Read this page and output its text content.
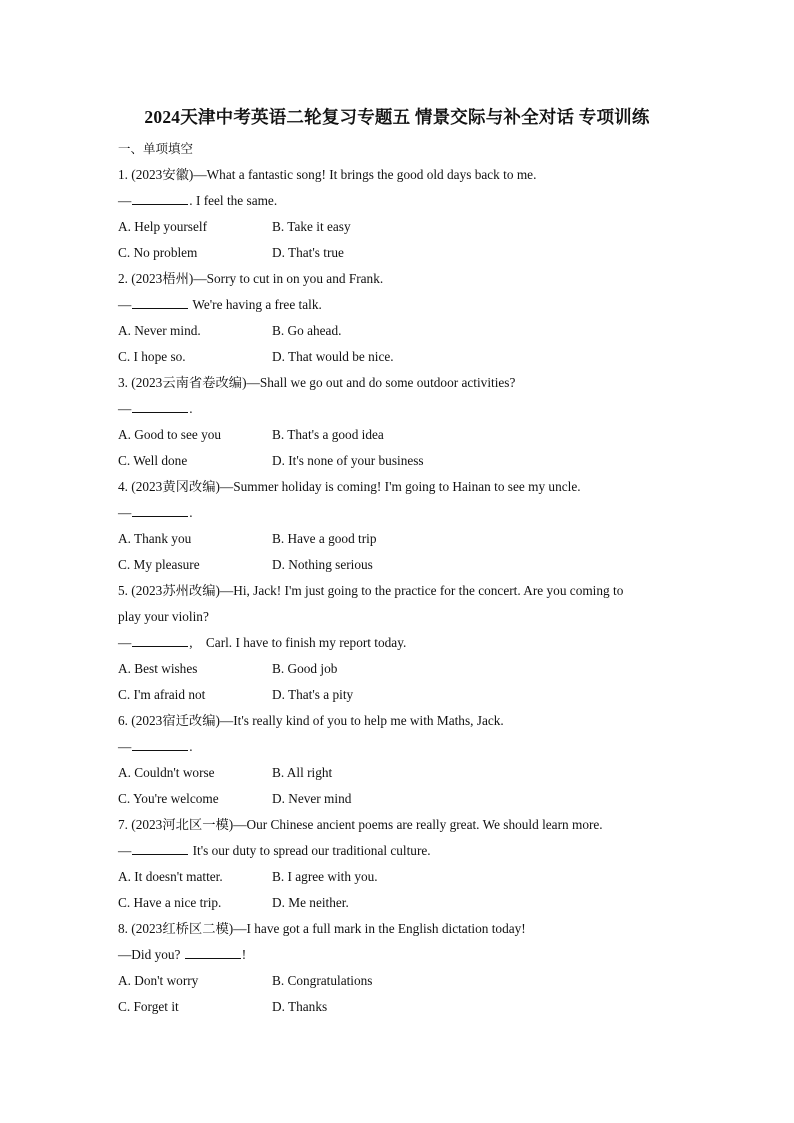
2024天津中考英语二轮复习专题五 情景交际与补全对话 专项训练
一、单项填空
1. (2023安徽)—What a fantastic song! It brings the good old days back to me.
—	. I feel the same.
A. Help yourself	B. Take it easy
C. No problem	D. That's true
2. (2023梧州)—Sorry to cut in on you and Frank.
—	We're having a free talk.
A. Never mind.	B. Go ahead.
C. I hope so.	D. That would be nice.
3. (2023云南省卷改编)—Shall we go out and do some outdoor activities?
—	.
A. Good to see you	B. That's a good idea
C. Well done	D. It's none of your business
4. (2023黄冈改编)—Summer holiday is coming! I'm going to Hainan to see my uncle.
—	.
A. Thank you	B. Have a good trip
C. My pleasure	D. Nothing serious
5. (2023苏州改编)—Hi, Jack! I'm just going to the practice for the concert. Are you coming to
play your violin?
—	,    Carl. I have to finish my report today.
A. Best wishes	B. Good job
C. I'm afraid not	D. That's a pity
6. (2023宿迁改编)—It's really kind of you to help me with Maths, Jack.
—	.
A. Couldn't worse	B. All right
C. You're welcome	D. Never mind
7. (2023河北区一模)—Our Chinese ancient poems are really great. We should learn more.
—	It's our duty to spread our traditional culture.
A. It doesn't matter.	B. I agree with you.
C. Have a nice trip.	D. Me neither.
8. (2023红桥区二模)—I have got a full mark in the English dictation today!
—Did you?	!
A. Don't worry	B. Congratulations
C. Forget it	D. Thanks
